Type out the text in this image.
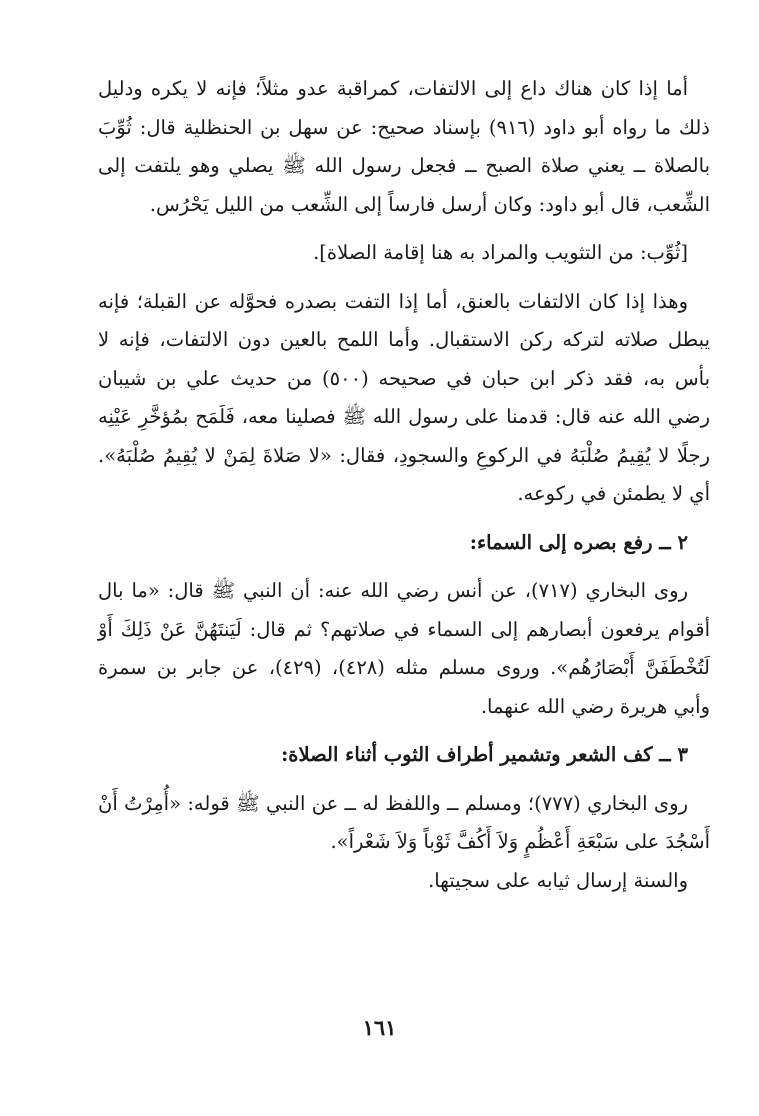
أما إذا كان هناك داع إلى الالتفات، كمراقبة عدو مثلاً؛ فإنه لا يكره ودليل ذلك ما رواه أبو داود (٩١٦) بإسناد صحيح: عن سهل بن الحنظلية قال: ثُوِّبَ بالصلاة ــ يعني صلاة الصبح ــ فجعل رسول الله ﷺ يصلي وهو يلتفت إلى الشِّعب، قال أبو داود: وكان أرسل فارساً إلى الشِّعب من الليل يَحْرُس.

[ثُوِّب: من التثويب والمراد به هنا إقامة الصلاة].

وهذا إذا كان الالتفات بالعنق، أما إذا التفت بصدره فحوَّله عن القبلة؛ فإنه يبطل صلاته لتركه ركن الاستقبال. وأما اللمح بالعين دون الالتفات، فإنه لا بأس به، فقد ذكر ابن حبان في صحيحه (٥٠٠) من حديث علي بن شيبان رضي الله عنه قال: قدمنا على رسول الله ﷺ فصلينا معه، فَلَمَح بمُؤخَّرِ عَيْنِه رجلًا لا يُقِيمُ صُلْبَهُ في الركوعِ والسجودِ، فقال: «لا صَلاةَ لِمَنْ لا يُقِيمُ صُلْبَهُ». أي لا يطمئن في ركوعه.

٢ ــ رفع بصره إلى السماء:

روى البخاري (٧١٧)، عن أنس رضي الله عنه: أن النبي ﷺ قال: «ما بال أقوام يرفعون أبصارهم إلى السماء في صلاتهم؟ ثم قال: لَيَنتَهُنَّ عَنْ ذَلِكَ أَوْ لَتُخْطَفَنَّ أَبْصَارُهُم». وروى مسلم مثله (٤٢٨)، (٤٢٩)، عن جابر بن سمرة وأبي هريرة رضي الله عنهما.

٣ ــ كف الشعر وتشمير أطراف الثوب أثناء الصلاة:

روى البخاري (٧٧٧)؛ ومسلم ــ واللفظ له ــ عن النبي ﷺ قوله: «أُمِرْتُ أَنْ أَسْجُدَ على سَبْعَةِ أَعْظُمٍ وَلاَ أَكُفَّ ثَوْباً وَلاَ شَعْراً».

والسنة إرسال ثيابه على سجيتها.

١٦١
